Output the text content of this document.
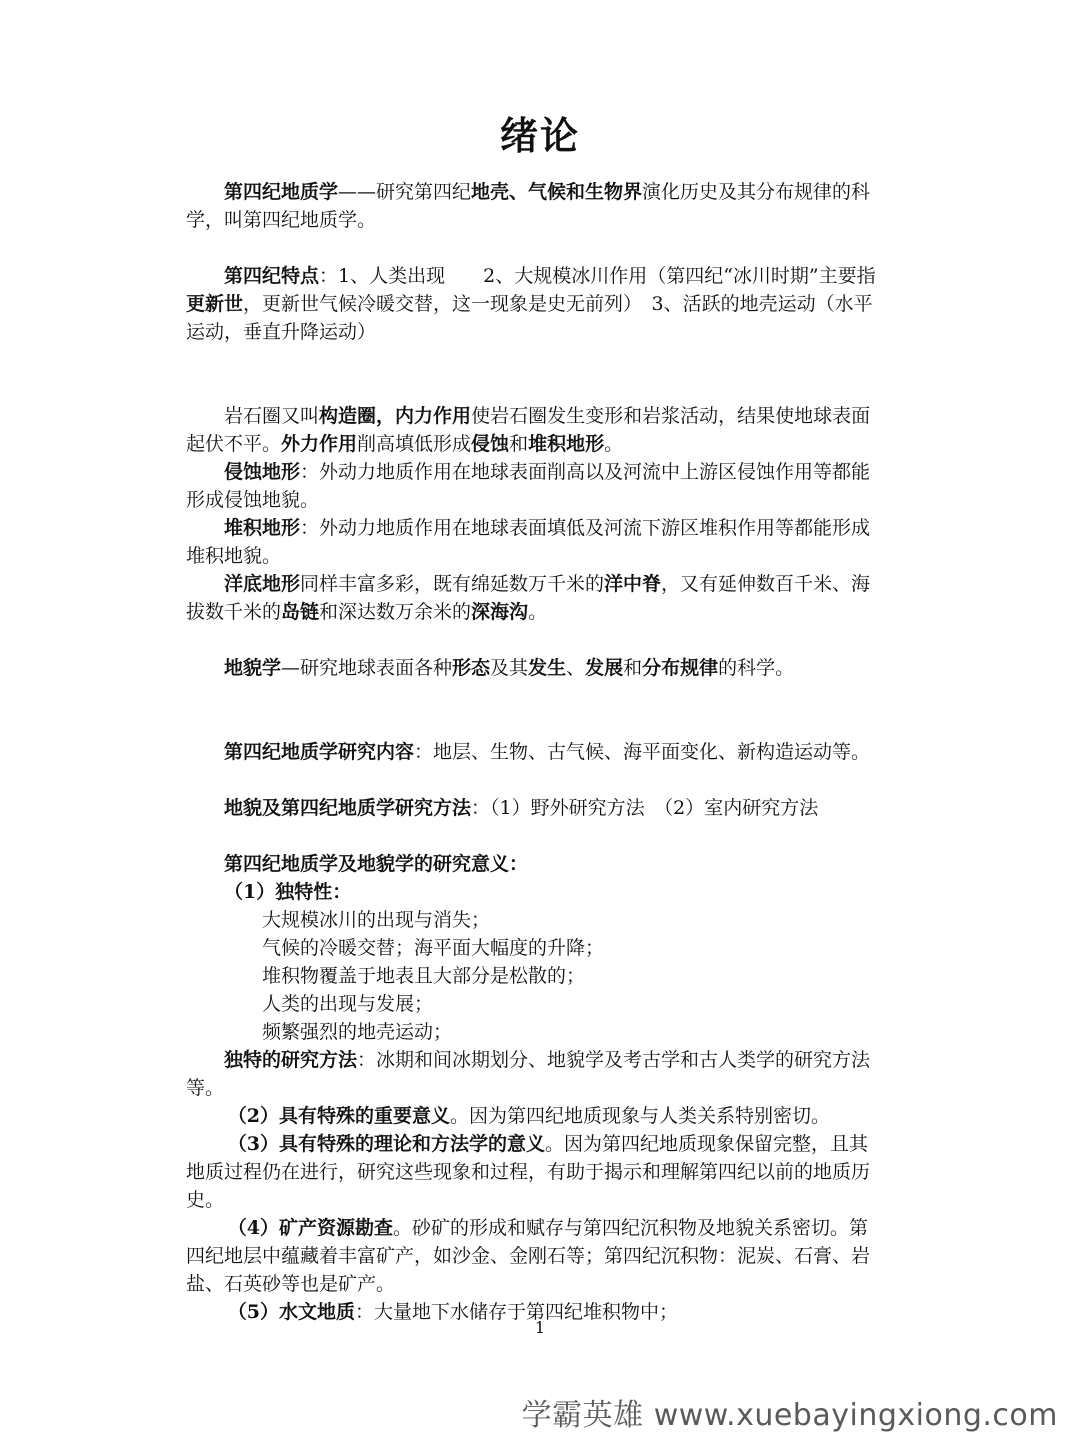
绪论

第四纪地质学——研究第四纪地壳、气候和生物界演化历史及其分布规律的科学，叫第四纪地质学。

第四纪特点：1、人类出现　　2、大规模冰川作用（第四纪“冰川时期”主要指更新世，更新世气候冷暖交替，这一现象是史无前列）　3、活跃的地壳运动（水平运动，垂直升降运动）

岩石圈又叫构造圈，内力作用使岩石圈发生变形和岩浆活动，结果使地球表面起伏不平。外力作用削高填低形成侵蚀和堆积地形。

侵蚀地形：外动力地质作用在地球表面削高以及河流中上游区侵蚀作用等都能形成侵蚀地貌。

堆积地形：外动力地质作用在地球表面填低及河流下游区堆积作用等都能形成堆积地貌。

洋底地形同样丰富多彩，既有绵延数万千米的洋中脊，又有延伸数百千米、海拔数千米的岛链和深达数万余米的深海沟。

地貌学—研究地球表面各种形态及其发生、发展和分布规律的科学。

第四纪地质学研究内容：地层、生物、古气候、海平面变化、新构造运动等。

地貌及第四纪地质学研究方法：（1）野外研究方法　（2）室内研究方法

第四纪地质学及地貌学的研究意义：

（1）独特性：

大规模冰川的出现与消失；

气候的冷暖交替；海平面大幅度的升降；

堆积物覆盖于地表且大部分是松散的；

人类的出现与发展；

频繁强烈的地壳运动；

独特的研究方法：冰期和间冰期划分、地貌学及考古学和古人类学的研究方法等。

（2）具有特殊的重要意义。因为第四纪地质现象与人类关系特别密切。

（3）具有特殊的理论和方法学的意义。因为第四纪地质现象保留完整，且其地质过程仍在进行，研究这些现象和过程，有助于揭示和理解第四纪以前的地质历史。

（4）矿产资源勘查。砂矿的形成和赋存与第四纪沉积物及地貌关系密切。第四纪地层中蕴藏着丰富矿产，如沙金、金刚石等；第四纪沉积物：泥炭、石膏、岩盐、石英砂等也是矿产。

（5）水文地质：大量地下水储存于第四纪堆积物中；

1
学霸英雄 www.xuebayingxiong.com
